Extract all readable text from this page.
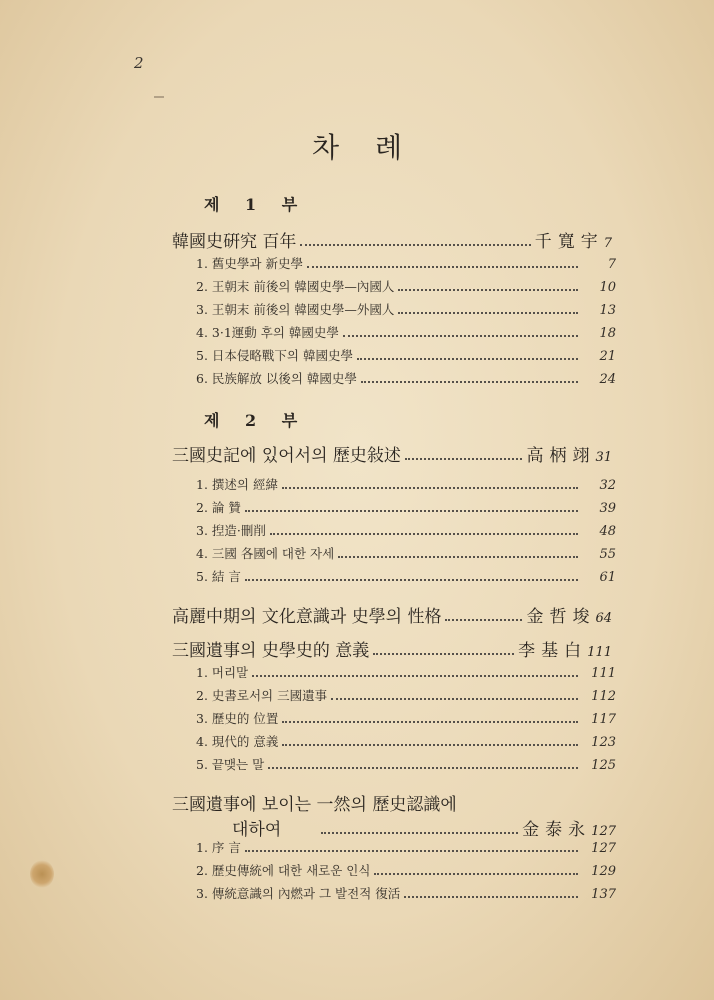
2
차례
제 1 부
韓國史硏究 百年	千寬宇 7
1. 舊史學과 新史學	7
2. 王朝末 前後의 韓國史學—內國人	10
3. 王朝末 前後의 韓國史學—外國人	13
4. 3·1運動 후의 韓國史學	18
5. 日本侵略戰下의 韓國史學	21
6. 民族解放 以後의 韓國史學	24
제 2 부
三國史記에 있어서의 歷史敍述	高柄翊 31
1. 撰述의 經緯	32
2. 論 贊	39
3. 揑造·刪削	48
4. 三國 各國에 대한 자세	55
5. 結 言	61
高麗中期의 文化意識과 史學의 性格	金哲埈 64
三國遺事의 史學史的 意義	李基白 111
1. 머리말	111
2. 史書로서의 三國遺事	112
3. 歷史的 位置	117
4. 現代的 意義	123
5. 끝맺는 말	125
三國遺事에 보이는 一然의 歷史認識에
대하여	金泰永 127
1. 序 言	127
2. 歷史傳統에 대한 새로운 인식	129
3. 傳統意識의 內燃과 그 발전적 復活	137
